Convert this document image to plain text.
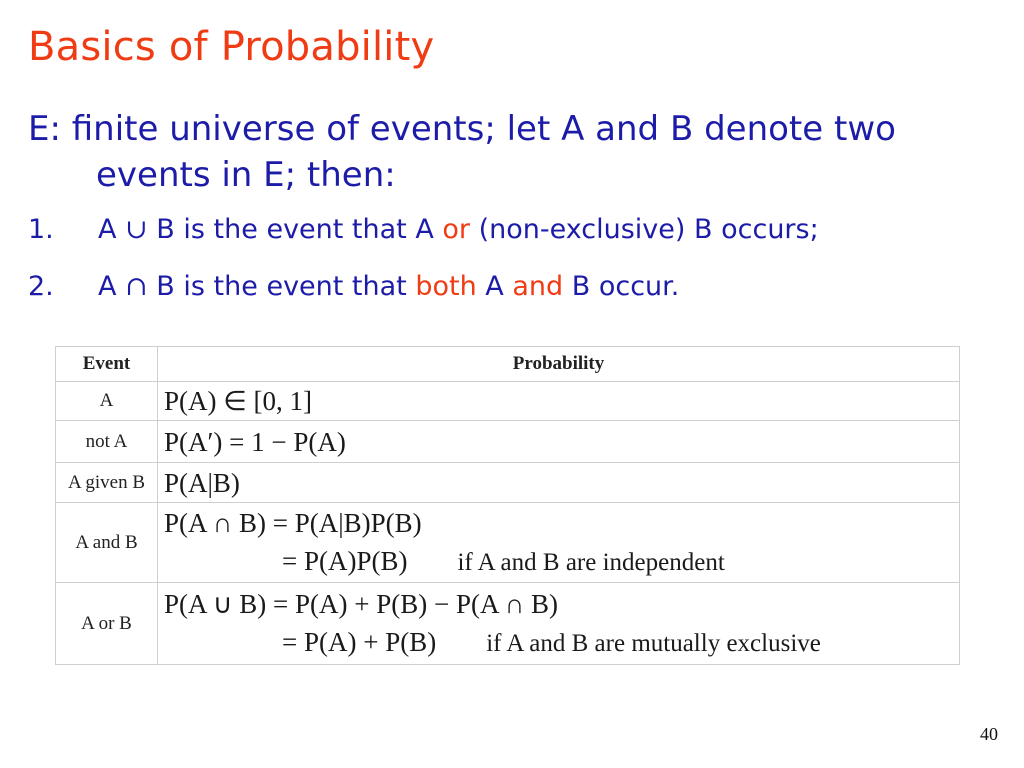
Basics of Probability
E: finite universe of events; let A and B denote two
events in E; then:
1. A ∪ B is the event that A or (non-exclusive) B occurs;
2. A ∩ B is the event that both A and B occur.
Event	Probability
A	P(A) ∈ [0, 1]

not A	P(A′) = 1 − P(A)

A given B	P(A|B)

A and B	P(A ∩ B) = P(A|B)P(B)
= P(A)P(B) if A and B are independent

A or B	P(A ∪ B) = P(A) + P(B) − P(A ∩ B)
= P(A) + P(B) if A and B are mutually exclusive
40
